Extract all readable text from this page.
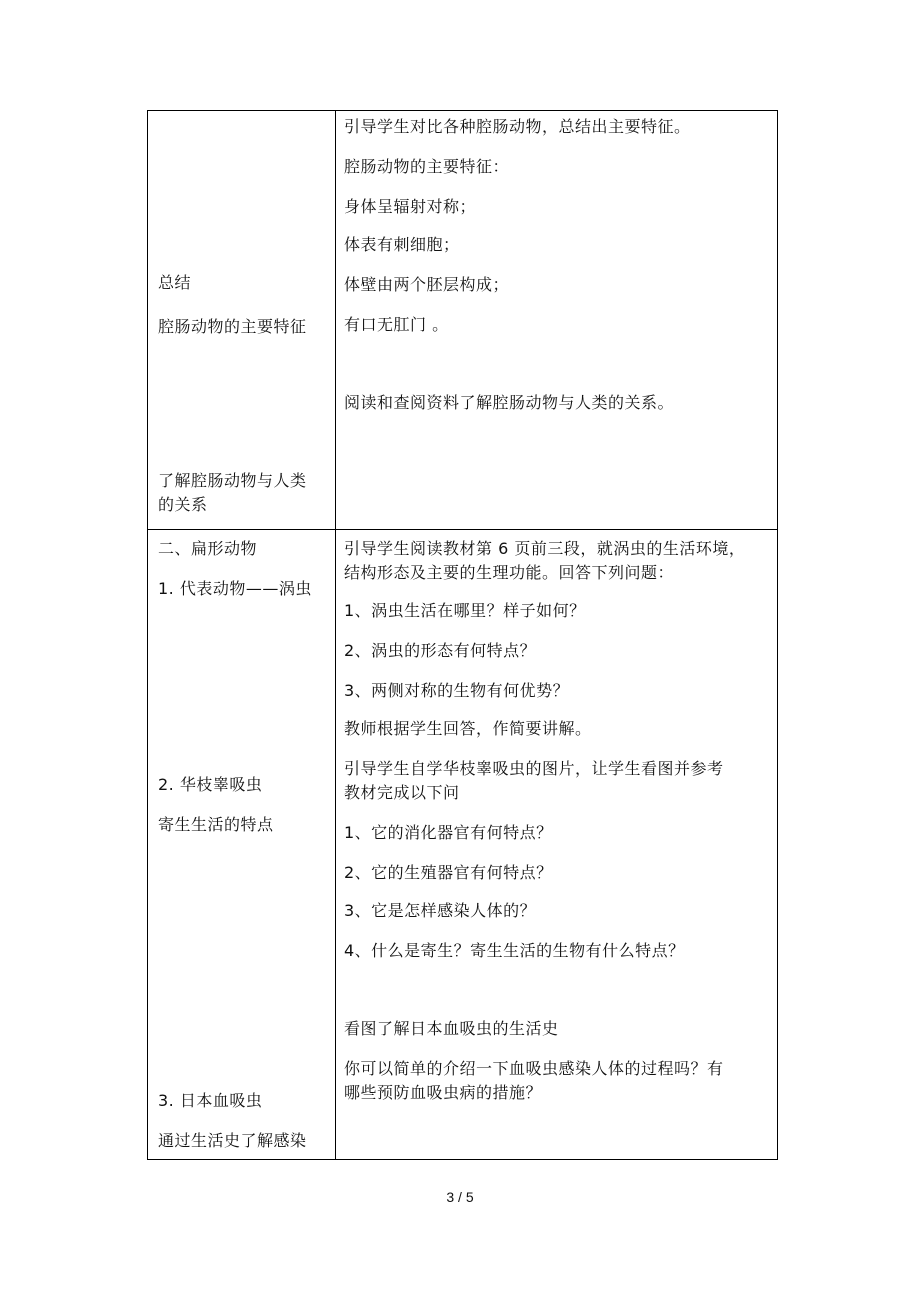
总结
腔肠动物的主要特征
了解腔肠动物与人类
的关系
二、扁形动物
1. 代表动物——涡虫
2. 华枝睾吸虫
寄生生活的特点
3. 日本血吸虫
通过生活史了解感染
引导学生对比各种腔肠动物，总结出主要特征。
腔肠动物的主要特征：
身体呈辐射对称；
体表有刺细胞；
体壁由两个胚层构成；
有口无肛门 。
阅读和查阅资料了解腔肠动物与人类的关系。
引导学生阅读教材第 6 页前三段，就涡虫的生活环境，
结构形态及主要的生理功能。回答下列问题：
1、涡虫生活在哪里？样子如何？
2、涡虫的形态有何特点？
3、两侧对称的生物有何优势？
教师根据学生回答，作简要讲解。
引导学生自学华枝睾吸虫的图片，让学生看图并参考
教材完成以下问
1、它的消化器官有何特点？
2、它的生殖器官有何特点？
3、它是怎样感染人体的？
4、什么是寄生？寄生生活的生物有什么特点？
看图了解日本血吸虫的生活史
你可以简单的介绍一下血吸虫感染人体的过程吗？有
哪些预防血吸虫病的措施？
3 / 5
